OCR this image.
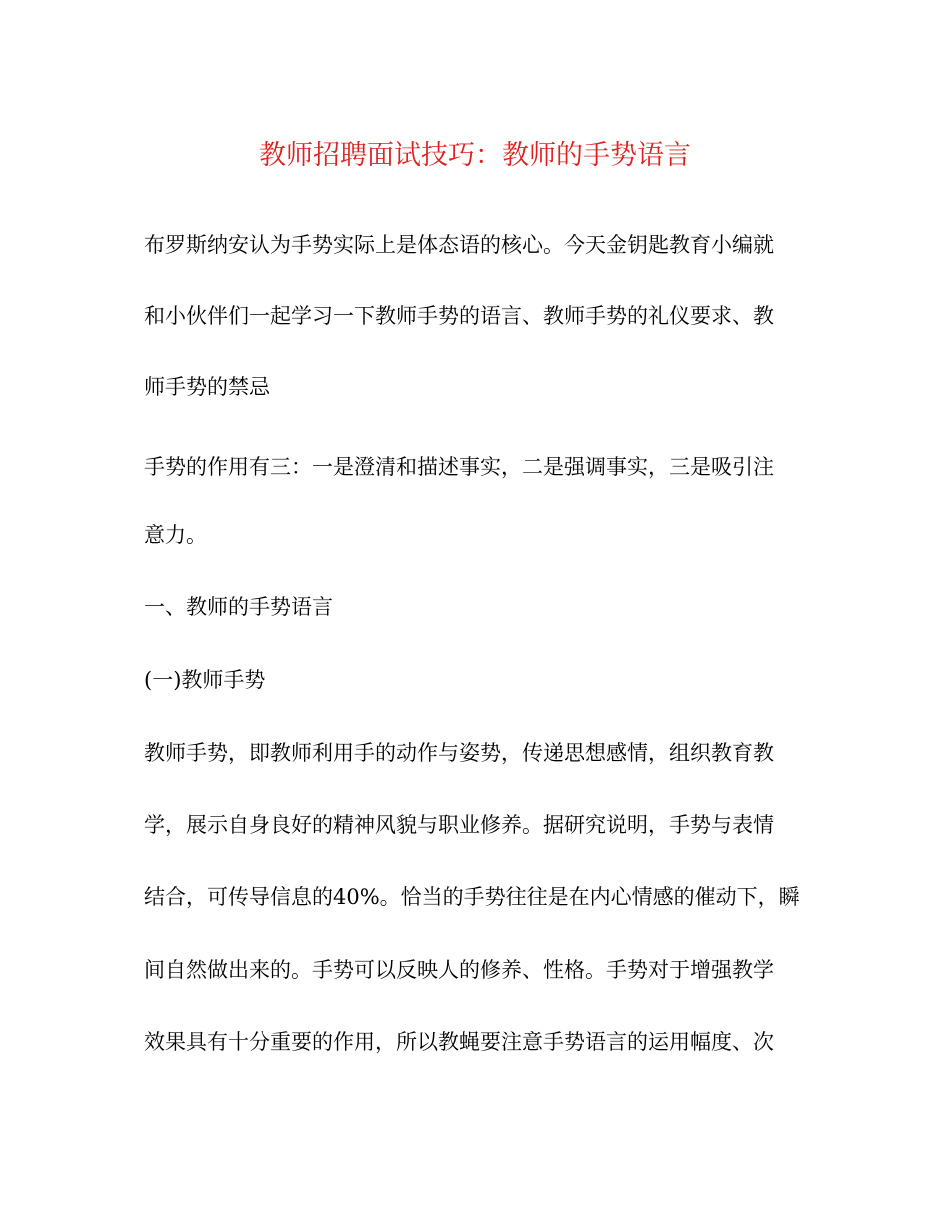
教师招聘面试技巧：教师的手势语言
布罗斯纳安认为手势实际上是体态语的核心。今天金钥匙教育小编就
和小伙伴们一起学习一下教师手势的语言、教师手势的礼仪要求、教
师手势的禁忌
手势的作用有三：一是澄清和描述事实，二是强调事实，三是吸引注
意力。
一、教师的手势语言
(一)教师手势
教师手势，即教师利用手的动作与姿势，传递思想感情，组织教育教
学，展示自身良好的精神风貌与职业修养。据研究说明，手势与表情
结合，可传导信息的40%。恰当的手势往往是在内心情感的催动下，瞬
间自然做出来的。手势可以反映人的修养、性格。手势对于增强教学
效果具有十分重要的作用，所以教蝇要注意手势语言的运用幅度、次
